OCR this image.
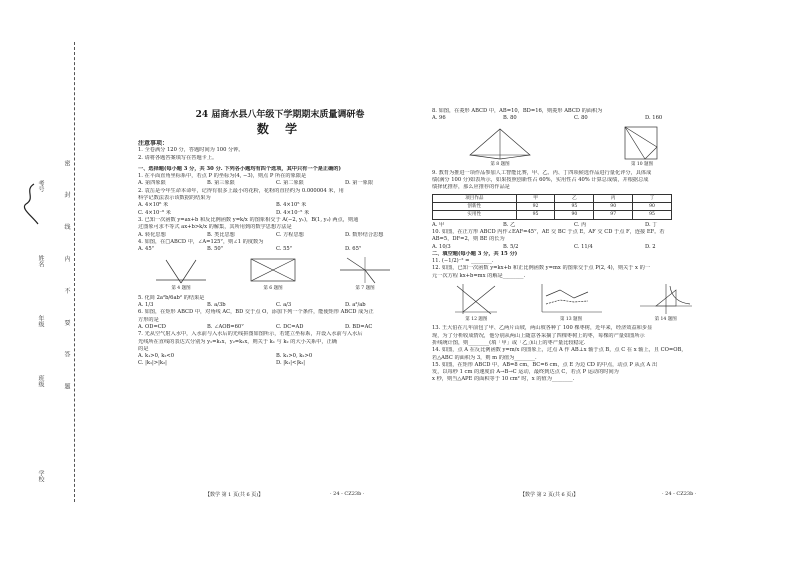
考号
姓名
年级
班级
学校
密 封 线 内 不 要 答 题
24 届商水县八年级下学期期末质量调研卷
数 学

注意事项：

1. 全卷满分 120 分，答题时间为 100 分钟。

2. 请将各题答案填写在答题卡上。

一、选择题(每小题 3 分，共 30 分. 下列各小题均有四个选项，其中只有一个是正确的)

1. 在平面直角坐标系中，若点 P 的坐标为(4, −3)，则点 P 所在的象限是

A. 第四象限	B. 第三象限	C. 第二象限	D. 第一象限

2. 袁岳是今年生命本命年，记得有很多上最小的花粉，花粉的直径约为 0.000004 米，用

科学记数法表示该数据的结果为

A. 4×10⁶ 米	B. 4×10⁵ 米

C. 4×10⁻⁶ 米	D. 4×10⁻⁵ 米

3. 已知一次函数 y=ax+b 和反比例函数 y=k/x 的图象相交于 A(−2, y₁)，B(1, y₂) 两点，则通

过图象可求不等式 ax+b>k/x 的解集，其所用到的数学思想方法是

A. 转化思想	B. 类比思想	C. 方程思想	D. 数形结合思想

4. 如图，在□ABCD 中，∠A=125°，则∠1 的度数为

A. 45°	B. 50°	C. 55°	D. 65°

第 4 题图	第 6 题图	第 7 题图

5. 化简 2a²b/6ab² 的结果是

A. 1/3	B. a/3b	C. a/3	D. a²/ab

6. 如图，在矩形 ABCD 中，对角线 AC，BD 交于点 O，添加下列一个条件，能使矩形 ABCD 成为正

方形的是

A. OD=CD	B. ∠AOB=60°	C. DC=AD	D. BD=AC

7. 光从空气射入水中，入水前与入水后的光线拼图如图所示，若建立坐标系，并设入水前与入水后

光线所在直线的表达式分别为 y₁=k₁x，y₂=k₂x，则关于 k₁ 与 k₂ 的大小关系中，正确

的是

A. k₁>0, k₂<0	B. k₁>0, k₂>0

C. |k₁|>|k₂|	D. |k₁|<|k₂|

8. 如图，在菱形 ABCD 中，AB=10，BD=16，则菱形 ABCD 的面积为

A. 96	B. 80	C. 80	D. 160

第 8 题图	第 10 题图

9. 教育为推进一项作品参加人工智能比赛，甲、乙、丙、丁四项候选作品进行量化评分，具体成

绩(满分 100 分)如表所示，如果按照创新性占 60%，实用性占 40% 计算总成绩，并根据总成

绩择优推荐，那么应推荐的作品是

项目作品	甲	乙	丙	丁
创新性	92	95	90	90
实用性	95	90	97	95

A. 甲	B. 乙	C. 丙	D. 丁

10. 如图，在正方形 ABCD 内作∠EAF=45°，AE 交 BC 于点 E，AF 交 CD 于点 F，连接 EF。若

AB=5，DF=2，则 BE 的长为

A. 10/3	B. 5/2	C. 11/4	D. 2

二、填空题(每小题 3 分，共 15 分)

11. (−1/2)⁻² = ________.

12. 如图，已知一次函数 y=kx+b 和正比例函数 y=mx 的图象交于点 P(2, 4)，则关于 x 的一

元一次方程 kx+b=mx 的解是________.

第 12 题图	第 13 题图	第 14 题图

13. 王大伯在几年前包了甲、乙两片山坡，两山坡各种了 100 棵枣树，近年来，经济效益和步显

现，为了分析收成情况，他分别从两山上随意各采摘了四棵枣树上的枣，每棵的产量如图所示

折线统计图，则________(填「甲」或「乙」)山上的枣产量比较稳定.

14. 如图，点 A 在反比例函数 y=m/x 的图象上，过点 A 作 AB⊥x 轴于点 B，点 C 在 x 轴上，且 CO=OB，

若△ABC 的面积为 3，则 m 的值为________.

15. 如图，在矩形 ABCD 中，AB=8 cm，BC=6 cm，点 E 为边 CD 的中点，动点 P 从点 A 出

发，以每秒 1 cm 的速度沿 A→B→C 运动，最终到达点 C，若点 P 运动的时间为

x 秒，则当△APE 的面积等于 10 cm² 时，x 的值为________.

【数学 第 1 页(共 6 页)】	· 24 - CZ23b ·	【数学 第 2 页(共 6 页)】	· 24 - CZ23b ·
